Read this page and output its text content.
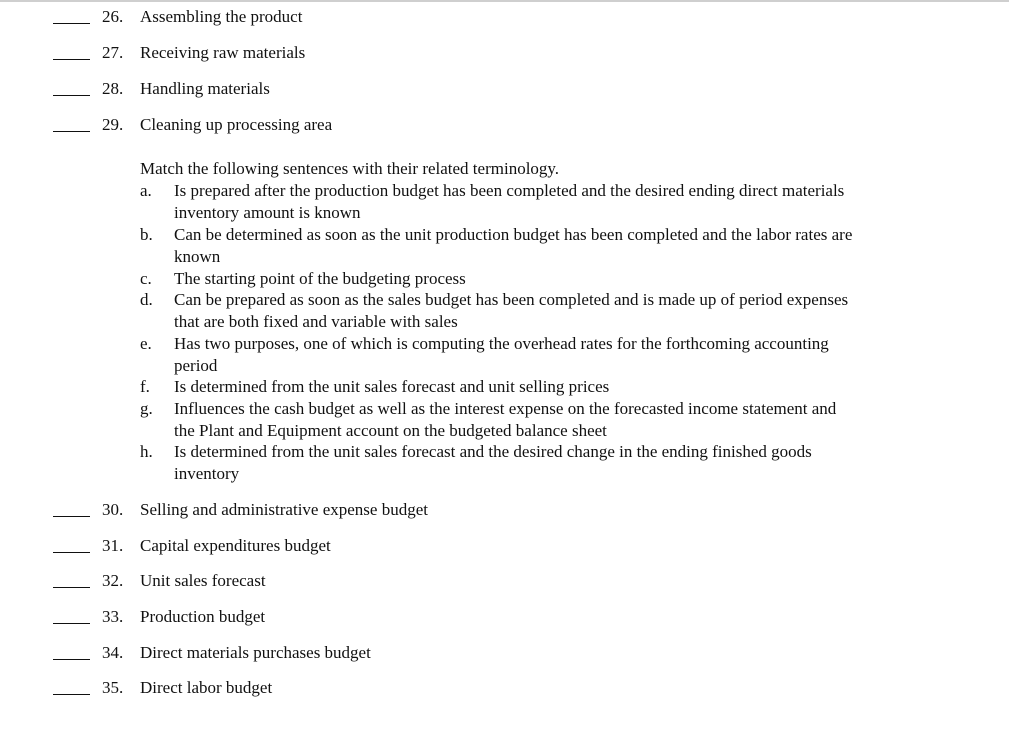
26. Assembling the product
27. Receiving raw materials
28. Handling materials
29. Cleaning up processing area
Match the following sentences with their related terminology.
a.	Is prepared after the production budget has been completed and the desired ending direct materials inventory amount is known
b.	Can be determined as soon as the unit production budget has been completed and the labor rates are known
c.	The starting point of the budgeting process
d.	Can be prepared as soon as the sales budget has been completed and is made up of period expenses that are both fixed and variable with sales
e.	Has two purposes, one of which is computing the overhead rates for the forthcoming accounting period
f.	Is determined from the unit sales forecast and unit selling prices
g.	Influences the cash budget as well as the interest expense on the forecasted income statement and the Plant and Equipment account on the budgeted balance sheet
h.	Is determined from the unit sales forecast and the desired change in the ending finished goods inventory
30. Selling and administrative expense budget
31. Capital expenditures budget
32. Unit sales forecast
33. Production budget
34. Direct materials purchases budget
35. Direct labor budget
